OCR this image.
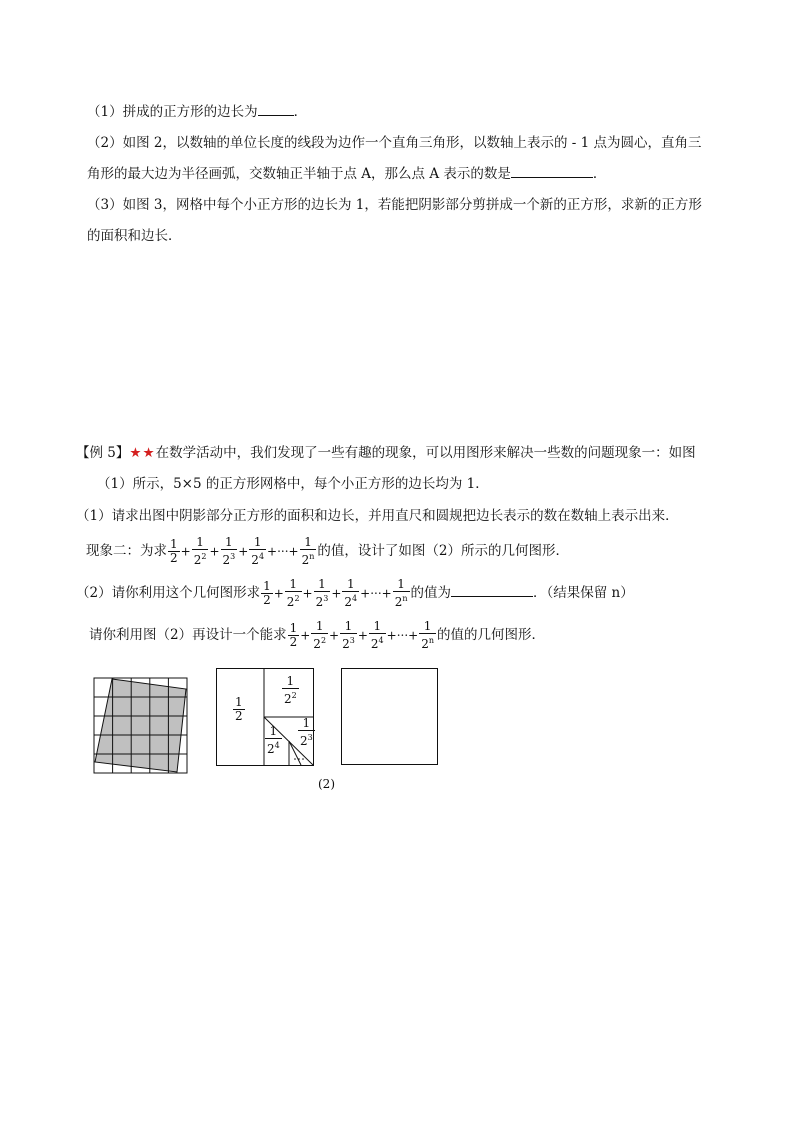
（1）拼成的正方形的边长为	．
（2）如图 2，以数轴的单位长度的线段为边作一个直角三角形，以数轴上表示的 - 1 点为圆心，直角三
角形的最大边为半径画弧，交数轴正半轴于点 A，那么点 A 表示的数是	．
（3）如图 3，网格中每个小正方形的边长为 1，若能把阴影部分剪拼成一个新的正方形，求新的正方形
的面积和边长．
【例 5】★★在数学活动中，我们发现了一些有趣的现象，可以用图形来解决一些数的问题现象一：如图
（1）所示，5×5 的正方形网格中，每个小正方形的边长均为 1．
（1）请求出图中阴影部分正方形的面积和边长，并用直尺和圆规把边长表示的数在数轴上表示出来．
现象二：为求 $\frac{1}{2} + \frac{1}{2^2} + \frac{1}{2^3} + \frac{1}{2^4}$ +···+ $\frac{1}{2^n}$ 的值，设计了如图（2）所示的几何图形．
（2）请你利用这个几何图形求 $\frac{1}{2} + \frac{1}{2^2} + \frac{1}{2^3} + \frac{1}{2^4}$ +···+ $\frac{1}{2^n}$ 的值为	．（结果保留 n）
请你利用图（2）再设计一个能求 $\frac{1}{2} + \frac{1}{2^2} + \frac{1}{2^3} + \frac{1}{2^4}$ +···+ $\frac{1}{2^n}$ 的值的几何图形．
$\frac{1}{2}$
$\frac{1}{2^2}$
$\frac{1}{2^3}$
$\frac{1}{2^4}$
(2)
